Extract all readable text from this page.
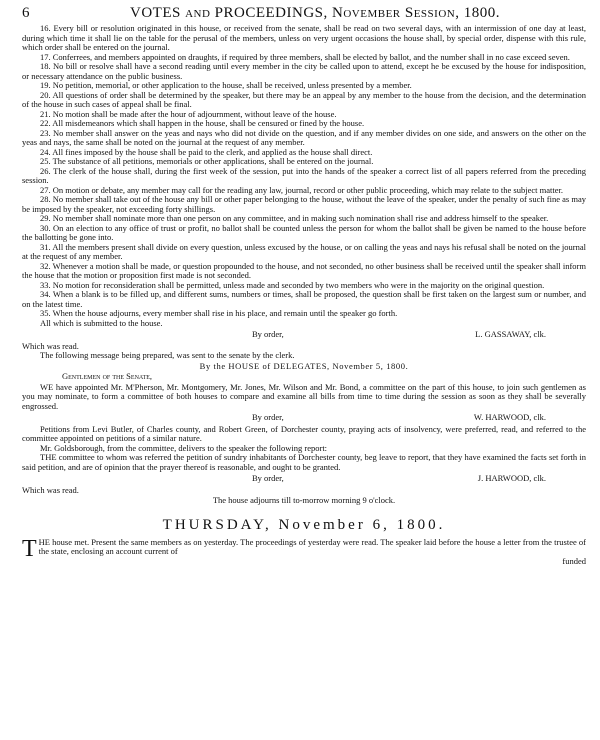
6	VOTES and PROCEEDINGS, November Session, 1800.

16. Every bill or resolution originated in this house, or received from the senate, shall be read on two several days, with an intermission of one day at least, during which time it shall lie on the table for the perusal of the members, unless on very urgent occasions the house shall, by special order, dispense with this rule, which order shall be entered on the journal.

17. Conferrees, and members appointed on draughts, if required by three members, shall be elected by ballot, and the number shall in no case exceed seven.

18. No bill or resolve shall have a second reading until every member in the city be called upon to attend, except he be excused by the house for indisposition, or necessary attendance on the public business.

19. No petition, memorial, or other application to the house, shall be received, unless presented by a member.

20. All questions of order shall be determined by the speaker, but there may be an appeal by any member to the house from the decision, and the determination of the house in such cases of appeal shall be final.

21. No motion shall be made after the hour of adjournment, without leave of the house.

22. All misdemeanors which shall happen in the house, shall be censured or fined by the house.

23. No member shall answer on the yeas and nays who did not divide on the question, and if any member divides on one side, and answers on the other on the yeas and nays, the same shall be noted on the journal at the request of any member.

24. All fines imposed by the house shall be paid to the clerk, and applied as the house shall direct.

25. The substance of all petitions, memorials or other applications, shall be entered on the journal.

26. The clerk of the house shall, during the first week of the session, put into the hands of the speaker a correct list of all papers referred from the preceding session.

27. On motion or debate, any member may call for the reading any law, journal, record or other public proceeding, which may relate to the subject matter.

28. No member shall take out of the house any bill or other paper belonging to the house, without the leave of the speaker, under the penalty of such fine as may be imposed by the speaker, not exceeding forty shillings.

29. No member shall nominate more than one person on any committee, and in making such nomination shall rise and address himself to the speaker.

30. On an election to any office of trust or profit, no ballot shall be counted unless the person for whom the ballot shall be given be named to the house before the ballotting be gone into.

31. All the members present shall divide on every question, unless excused by the house, or on calling the yeas and nays his refusal shall be noted on the journal at the request of any member.

32. Whenever a motion shall be made, or question propounded to the house, and not seconded, no other business shall be received until the speaker shall inform the house that the motion or proposition first made is not seconded.

33. No motion for reconsideration shall be permitted, unless made and seconded by two members who were in the majority on the original question.

34. When a blank is to be filled up, and different sums, numbers or times, shall be proposed, the question shall be first taken on the largest sum or number, and on the latest time.

35. When the house adjourns, every member shall rise in his place, and remain until the speaker go forth.

All which is submitted to the house.

By order,	L. GASSAWAY, clk.

Which was read.

The following message being prepared, was sent to the senate by the clerk.

By the HOUSE of DELEGATES, November 5, 1800.

Gentlemen of the Senate,

WE have appointed Mr. M'Pherson, Mr. Montgomery, Mr. Jones, Mr. Wilson and Mr. Bond, a committee on the part of this house, to join such gentlemen as you may nominate, to form a committee of both houses to compare and examine all bills from time to time during the session as soon as they shall be severally engrossed.

By order,	W. HARWOOD, clk.

Petitions from Levi Butler, of Charles county, and Robert Green, of Dorchester county, praying acts of insolvency, were preferred, read, and referred to the committee appointed on petitions of a similar nature.

Mr. Goldsborough, from the committee, delivers to the speaker the following report:

THE committee to whom was referred the petition of sundry inhabitants of Dorchester county, beg leave to report, that they have examined the facts set forth in said petition, and are of opinion that the prayer thereof is reasonable, and ought to be granted.

By order,	J. HARWOOD, clk.

Which was read.

The house adjourns till to-morrow morning 9 o'clock.

THURSDAY, November 6, 1800.

THE house met. Present the same members as on yesterday. The proceedings of yesterday were read. The speaker laid before the house a letter from the trustee of the state, enclosing an account current of

funded
